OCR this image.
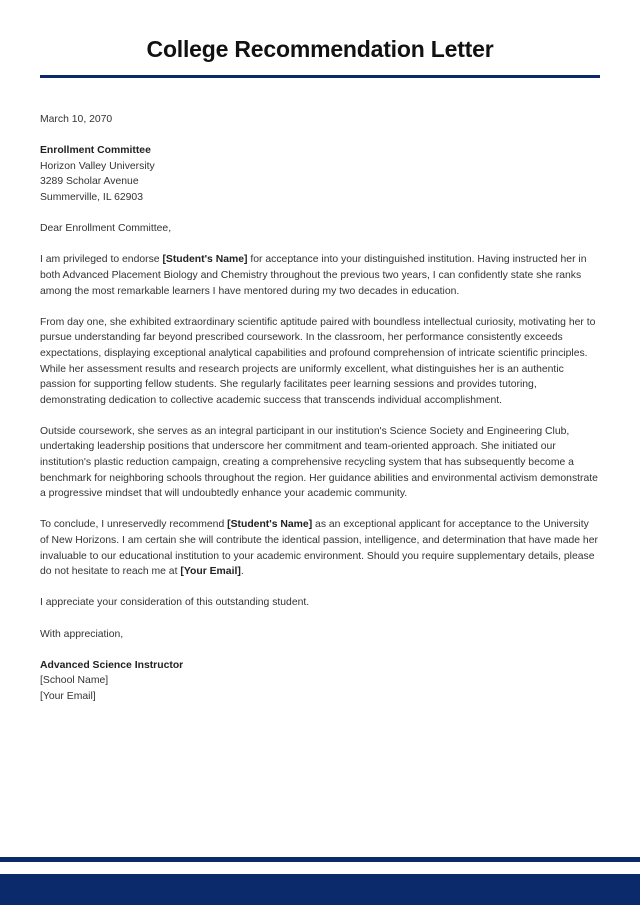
College Recommendation Letter

March 10, 2070

Enrollment Committee
Horizon Valley University
3289 Scholar Avenue
Summerville, IL 62903

Dear Enrollment Committee,

I am privileged to endorse [Student's Name] for acceptance into your distinguished institution. Having instructed her in both Advanced Placement Biology and Chemistry throughout the previous two years, I can confidently state she ranks among the most remarkable learners I have mentored during my two decades in education.

From day one, she exhibited extraordinary scientific aptitude paired with boundless intellectual curiosity, motivating her to pursue understanding far beyond prescribed coursework. In the classroom, her performance consistently exceeds expectations, displaying exceptional analytical capabilities and profound comprehension of intricate scientific principles. While her assessment results and research projects are uniformly excellent, what distinguishes her is an authentic passion for supporting fellow students. She regularly facilitates peer learning sessions and provides tutoring, demonstrating dedication to collective academic success that transcends individual accomplishment.

Outside coursework, she serves as an integral participant in our institution's Science Society and Engineering Club, undertaking leadership positions that underscore her commitment and team-oriented approach. She initiated our institution's plastic reduction campaign, creating a comprehensive recycling system that has subsequently become a benchmark for neighboring schools throughout the region. Her guidance abilities and environmental activism demonstrate a progressive mindset that will undoubtedly enhance your academic community.

To conclude, I unreservedly recommend [Student's Name] as an exceptional applicant for acceptance to the University of New Horizons. I am certain she will contribute the identical passion, intelligence, and determination that have made her invaluable to our educational institution to your academic environment. Should you require supplementary details, please do not hesitate to reach me at [Your Email].

I appreciate your consideration of this outstanding student.

With appreciation,

Advanced Science Instructor
[School Name]
[Your Email]
